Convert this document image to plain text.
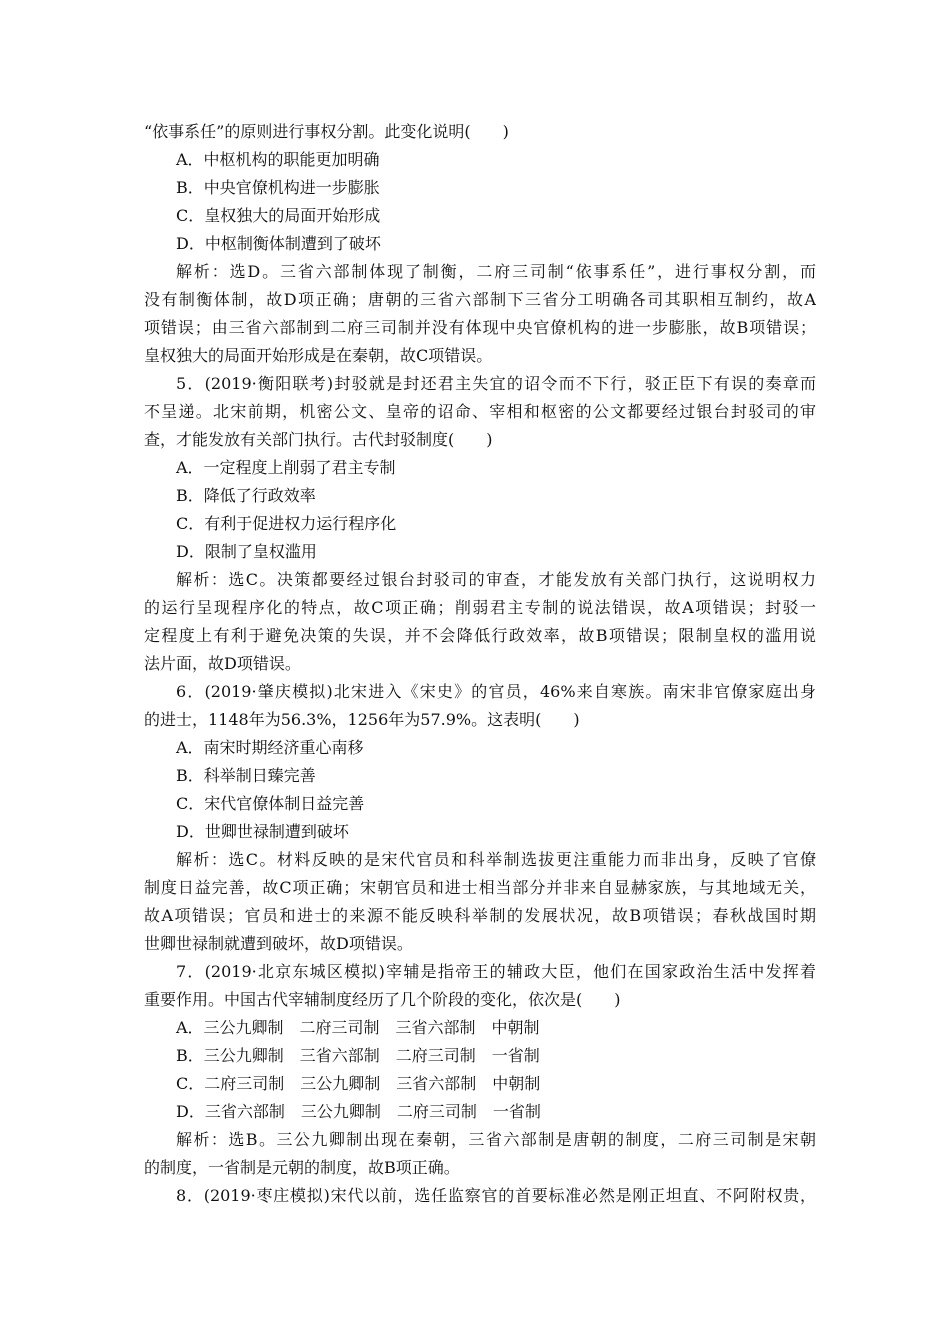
“依事系任”的原则进行事权分割。此变化说明(　　)
A．中枢机构的职能更加明确
B．中央官僚机构进一步膨胀
C．皇权独大的局面开始形成
D．中枢制衡体制遭到了破坏
解析：选D。三省六部制体现了制衡，二府三司制“依事系任”，进行事权分割，而
没有制衡体制，故D项正确；唐朝的三省六部制下三省分工明确各司其职相互制约，故A
项错误；由三省六部制到二府三司制并没有体现中央官僚机构的进一步膨胀，故B项错误；
皇权独大的局面开始形成是在秦朝，故C项错误。
5．(2019·衡阳联考)封驳就是封还君主失宜的诏令而不下行，驳正臣下有误的奏章而
不呈递。北宋前期，机密公文、皇帝的诏命、宰相和枢密的公文都要经过银台封驳司的审
查，才能发放有关部门执行。古代封驳制度(　　)
A．一定程度上削弱了君主专制
B．降低了行政效率
C．有利于促进权力运行程序化
D．限制了皇权滥用
解析：选C。决策都要经过银台封驳司的审查，才能发放有关部门执行，这说明权力
的运行呈现程序化的特点，故C项正确；削弱君主专制的说法错误，故A项错误；封驳一
定程度上有利于避免决策的失误，并不会降低行政效率，故B项错误；限制皇权的滥用说
法片面，故D项错误。
6．(2019·肇庆模拟)北宋进入《宋史》的官员，46%来自寒族。南宋非官僚家庭出身
的进士，1148年为56.3%，1256年为57.9%。这表明(　　)
A．南宋时期经济重心南移
B．科举制日臻完善
C．宋代官僚体制日益完善
D．世卿世禄制遭到破坏
解析：选C。材料反映的是宋代官员和科举制选拔更注重能力而非出身，反映了官僚
制度日益完善，故C项正确；宋朝官员和进士相当部分并非来自显赫家族，与其地域无关，
故A项错误；官员和进士的来源不能反映科举制的发展状况，故B项错误；春秋战国时期
世卿世禄制就遭到破坏，故D项错误。
7．(2019·北京东城区模拟)宰辅是指帝王的辅政大臣，他们在国家政治生活中发挥着
重要作用。中国古代宰辅制度经历了几个阶段的变化，依次是(　　)
A．三公九卿制　二府三司制　三省六部制　中朝制
B．三公九卿制　三省六部制　二府三司制　一省制
C．二府三司制　三公九卿制　三省六部制　中朝制
D．三省六部制　三公九卿制　二府三司制　一省制
解析：选B。三公九卿制出现在秦朝，三省六部制是唐朝的制度，二府三司制是宋朝
的制度，一省制是元朝的制度，故B项正确。
8．(2019·枣庄模拟)宋代以前，选任监察官的首要标准必然是刚正坦直、不阿附权贵，
